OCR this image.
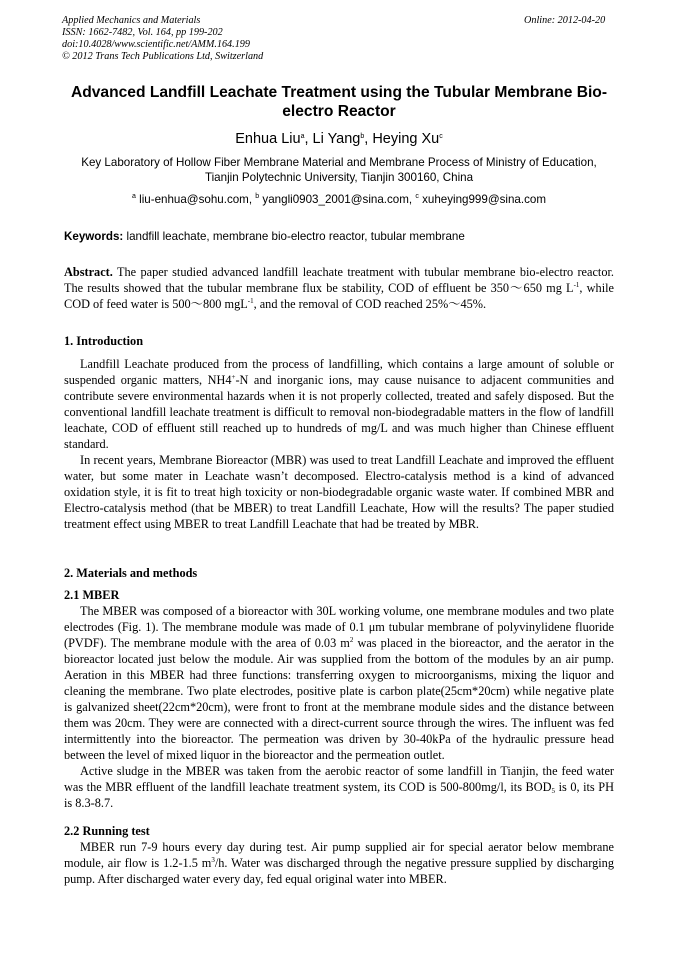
Applied Mechanics and Materials
ISSN: 1662-7482, Vol. 164, pp 199-202
doi:10.4028/www.scientific.net/AMM.164.199
© 2012 Trans Tech Publications Ltd, Switzerland
Online: 2012-04-20
Advanced Landfill Leachate Treatment using the Tubular Membrane Bio-electro Reactor
Enhua Liu$^a$, Li Yang$^b$, Heying Xu$^c$
Key Laboratory of Hollow Fiber Membrane Material and Membrane Process of Ministry of Education,
Tianjin Polytechnic University, Tianjin 300160, China
$^a$ liu-enhua@sohu.com, $^b$ yangli0903_2001@sina.com, $^c$ xuheying999@sina.com
Keywords: landfill leachate, membrane bio-electro reactor, tubular membrane

Abstract. The paper studied advanced landfill leachate treatment with tubular membrane bio-electro reactor. The results showed that the tubular membrane flux be stability, COD of effluent be 350～650 mg $L^{-1}$, while COD of feed water is 500～800 mgL$^{-1}$, and the removal of COD reached 25%～45%.

1. Introduction

Landfill Leachate produced from the process of landfilling, which contains a large amount of soluble or suspended organic matters, NH4+-N and inorganic ions, may cause nuisance to adjacent communities and contribute severe environmental hazards when it is not properly collected, treated and safely disposed. But the conventional landfill leachate treatment is difficult to removal non-biodegradable matters in the flow of landfill leachate, COD of effluent still reached up to hundreds of mg/L and was much higher than Chinese effluent standard.

In recent years, Membrane Bioreactor (MBR) was used to treat Landfill Leachate and improved the effluent water, but some mater in Leachate wasn’t decomposed. Electro-catalysis method is a kind of advanced oxidation style, it is fit to treat high toxicity or non-biodegradable organic waste water. If combined MBR and Electro-catalysis method (that be MBER) to treat Landfill Leachate, How will the results? The paper studied treatment effect using MBER to treat Landfill Leachate that had be treated by MBR.

2. Materials and methods
2.1 MBER

The MBER was composed of a bioreactor with 30L working volume, one membrane modules and two plate electrodes (Fig. 1). The membrane module was made of 0.1 μm tubular membrane of polyvinylidene fluoride (PVDF). The membrane module with the area of 0.03 $m^2$ was placed in the bioreactor, and the aerator in the bioreactor located just below the module. Air was supplied from the bottom of the modules by an air pump. Aeration in this MBER had three functions: transferring oxygen to microorganisms, mixing the liquor and cleaning the membrane. Two plate electrodes, positive plate is carbon plate(25cm*20cm) while negative plate is galvanized sheet(22cm*20cm), were front to front at the membrane module sides and the distance between them was 20cm. They were are connected with a direct-current source through the wires. The influent was fed intermittently into the bioreactor. The permeation was driven by 30-40kPa of the hydraulic pressure head between the level of mixed liquor in the bioreactor and the permeation outlet.

Active sludge in the MBER was taken from the aerobic reactor of some landfill in Tianjin, the feed water was the MBR effluent of the landfill leachate treatment system, its COD is 500-800mg/l, its $BOD_5$ is 0, its PH is 8.3-8.7.

2.2 Running test

MBER run 7-9 hours every day during test. Air pump supplied air for special aerator below membrane module, air flow is 1.2-1.5 $m^3/h$. Water was discharged through the negative pressure supplied by discharging pump. After discharged water every day, fed equal original water into MBER.
